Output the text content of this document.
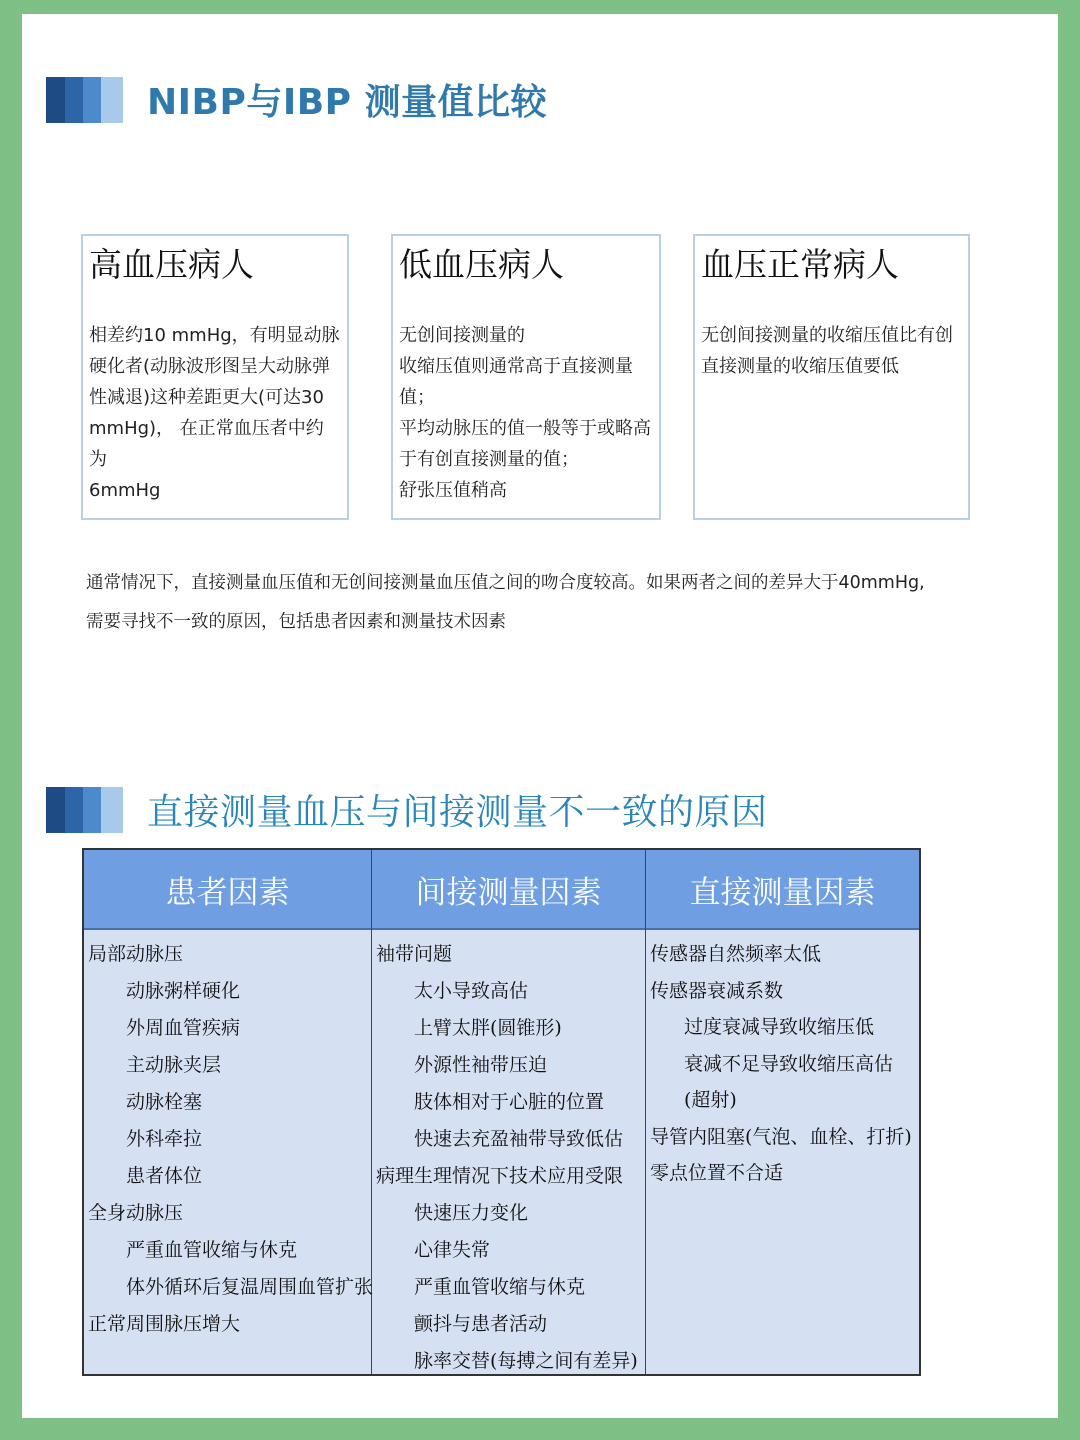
NIBP与IBP 测量值比较
高血压病人
相差约10 mmHg，有明显动脉
硬化者(动脉波形图呈大动脉弹
性减退)这种差距更大(可达30
mmHg)， 在正常血压者中约为
6mmHg
低血压病人
无创间接测量的
收缩压值则通常高于直接测量值；
平均动脉压的值一般等于或略高
于有创直接测量的值；
舒张压值稍高
血压正常病人
无创间接测量的收缩压值比有创
直接测量的收缩压值要低
通常情况下，直接测量血压值和无创间接测量血压值之间的吻合度较高。如果两者之间的差异大于40mmHg,
需要寻找不一致的原因，包括患者因素和测量技术因素
直接测量血压与间接测量不一致的原因
患者因素
局部动脉压
动脉粥样硬化
外周血管疾病
主动脉夹层
动脉栓塞
外科牵拉
患者体位
全身动脉压
严重血管收缩与休克
体外循环后复温周围血管扩张
正常周围脉压增大
间接测量因素
袖带问题
太小导致高估
上臂太胖(圆锥形)
外源性袖带压迫
肢体相对于心脏的位置
快速去充盈袖带导致低估
病理生理情况下技术应用受限
快速压力变化
心律失常
严重血管收缩与休克
颤抖与患者活动
脉率交替(每搏之间有差异)
直接测量因素
传感器自然频率太低
传感器衰减系数
过度衰减导致收缩压低
衰减不足导致收缩压高估
(超射)
导管内阻塞(气泡、血栓、打折)
零点位置不合适
